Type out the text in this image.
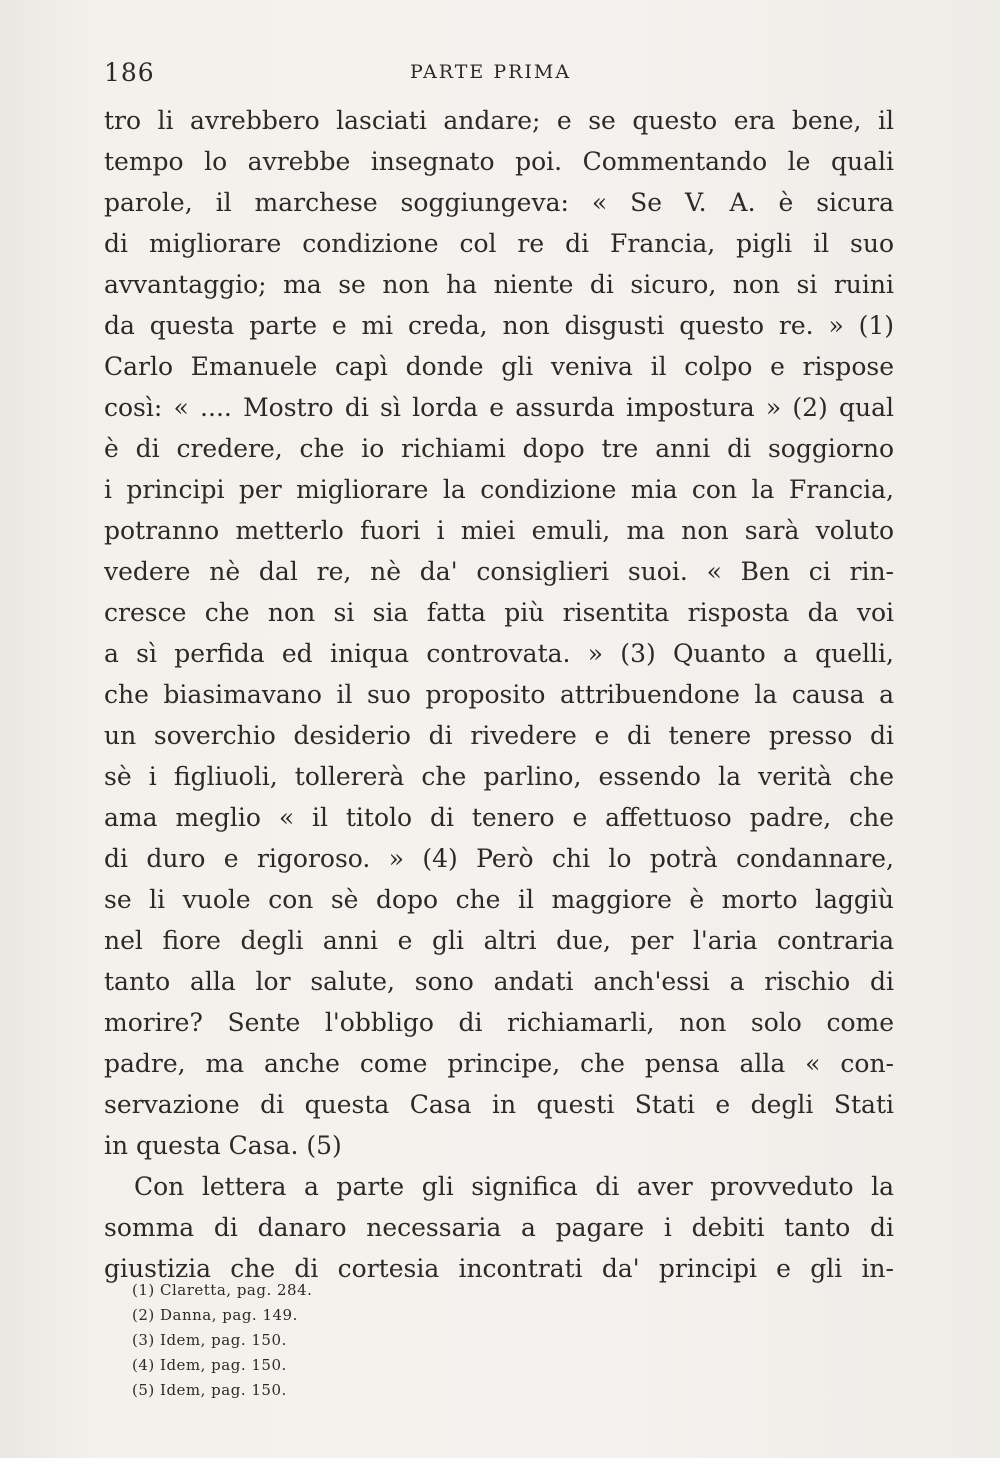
186	PARTE PRIMA
tro li avrebbero lasciati andare; e se questo era bene, il
tempo lo avrebbe insegnato poi. Commentando le quali
parole, il marchese soggiungeva: « Se V. A. è sicura
di migliorare condizione col re di Francia, pigli il suo
avvantaggio; ma se non ha niente di sicuro, non si ruini
da questa parte e mi creda, non disgusti questo re. » (1)
Carlo Emanuele capì donde gli veniva il colpo e rispose
così: « .... Mostro di sì lorda e assurda impostura » (2) qual
è di credere, che io richiami dopo tre anni di soggiorno
i principi per migliorare la condizione mia con la Francia,
potranno metterlo fuori i miei emuli, ma non sarà voluto
vedere nè dal re, nè da' consiglieri suoi. « Ben ci rin-
cresce che non si sia fatta più risentita risposta da voi
a sì perfida ed iniqua controvata. » (3) Quanto a quelli,
che biasimavano il suo proposito attribuendone la causa a
un soverchio desiderio di rivedere e di tenere presso di
sè i figliuoli, tollererà che parlino, essendo la verità che
ama meglio « il titolo di tenero e affettuoso padre, che
di duro e rigoroso. » (4) Però chi lo potrà condannare,
se li vuole con sè dopo che il maggiore è morto laggiù
nel fiore degli anni e gli altri due, per l'aria contraria
tanto alla lor salute, sono andati anch'essi a rischio di
morire? Sente l'obbligo di richiamarli, non solo come
padre, ma anche come principe, che pensa alla « con-
servazione di questa Casa in questi Stati e degli Stati
in questa Casa. (5)
Con lettera a parte gli significa di aver provveduto la
somma di danaro necessaria a pagare i debiti tanto di
giustizia che di cortesia incontrati da' principi e gli in-
(1) Claretta, pag. 284.
(2) Danna, pag. 149.
(3) Idem, pag. 150.
(4) Idem, pag. 150.
(5) Idem, pag. 150.
